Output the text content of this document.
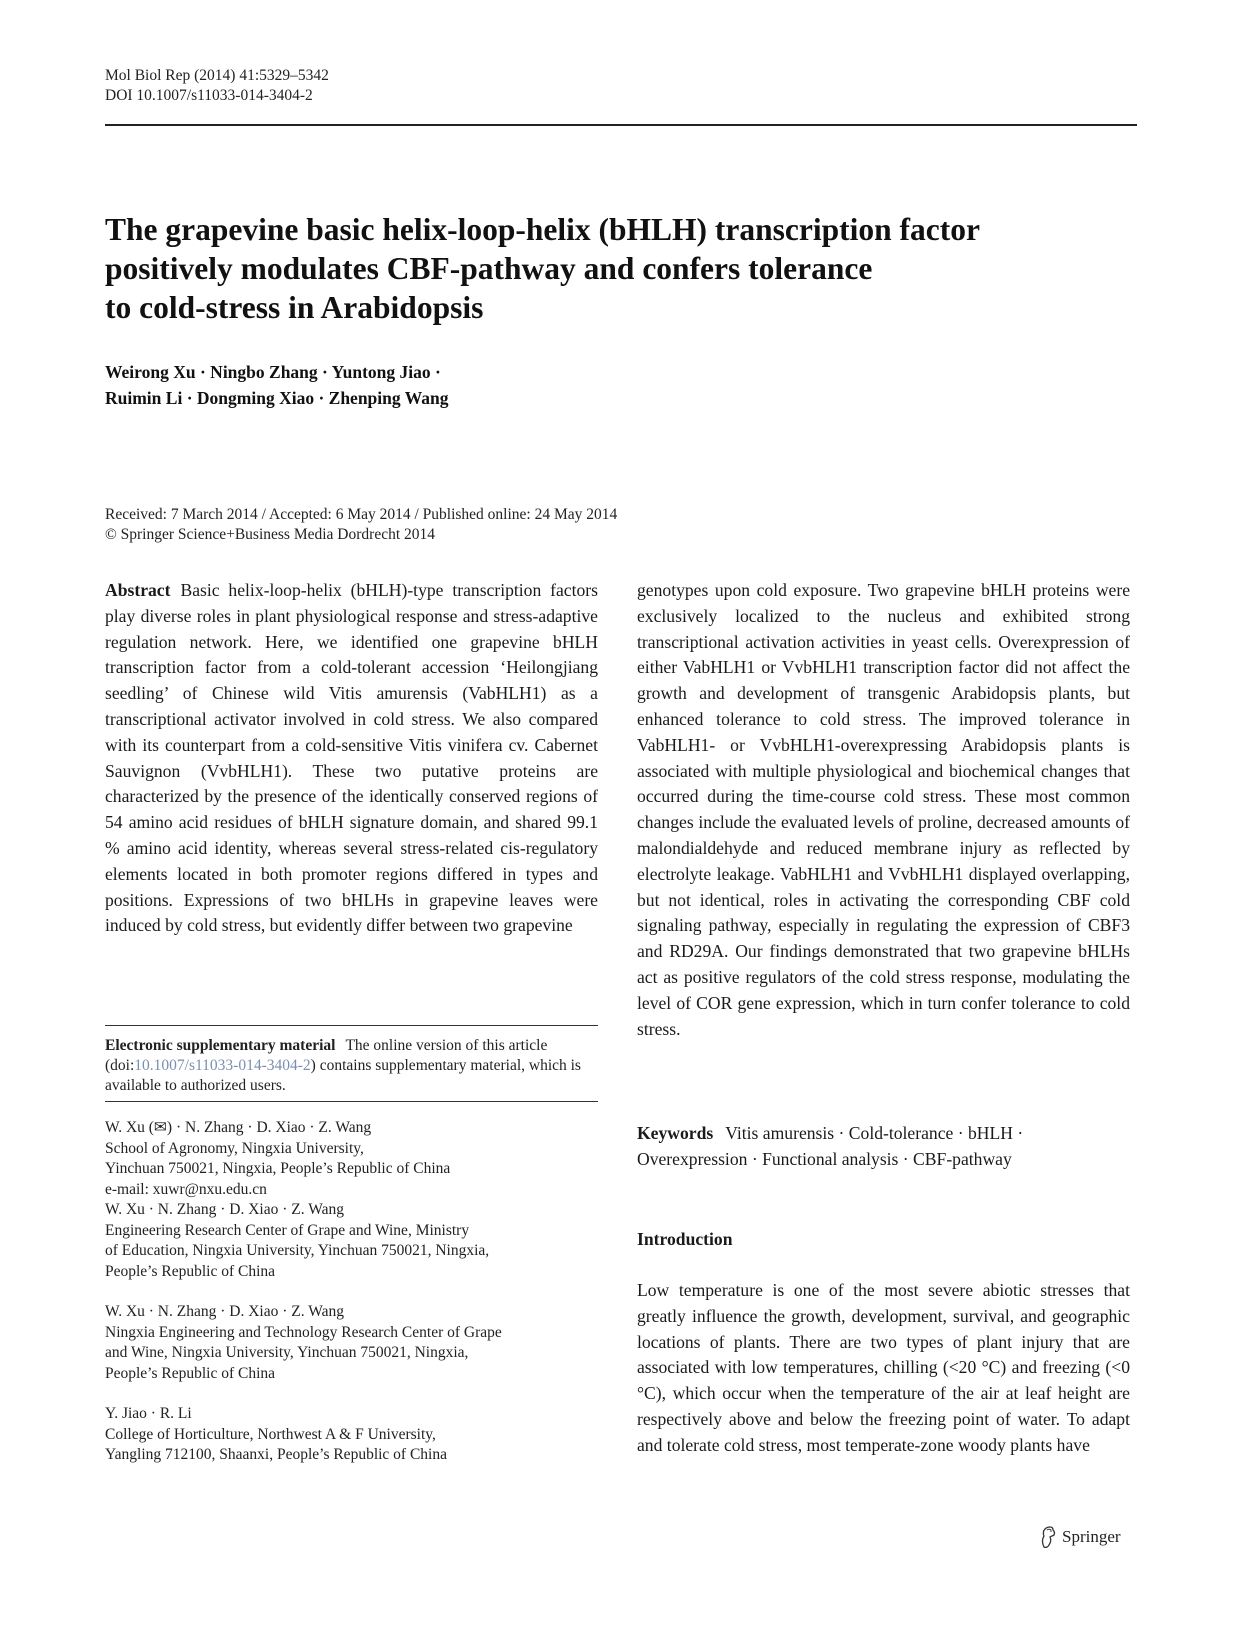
Mol Biol Rep (2014) 41:5329–5342
DOI 10.1007/s11033-014-3404-2
The grapevine basic helix-loop-helix (bHLH) transcription factor
positively modulates CBF-pathway and confers tolerance
to cold-stress in Arabidopsis
Weirong Xu · Ningbo Zhang · Yuntong Jiao ·
Ruimin Li · Dongming Xiao · Zhenping Wang
Received: 7 March 2014 / Accepted: 6 May 2014 / Published online: 24 May 2014
© Springer Science+Business Media Dordrecht 2014
Abstract Basic helix-loop-helix (bHLH)-type transcription factors play diverse roles in plant physiological response and stress-adaptive regulation network. Here, we identified one grapevine bHLH transcription factor from a cold-tolerant accession ‘Heilongjiang seedling’ of Chinese wild Vitis amurensis (VabHLH1) as a transcriptional activator involved in cold stress. We also compared with its counterpart from a cold-sensitive Vitis vinifera cv. Cabernet Sauvignon (VvbHLH1). These two putative proteins are characterized by the presence of the identically conserved regions of 54 amino acid residues of bHLH signature domain, and shared 99.1 % amino acid identity, whereas several stress-related cis-regulatory elements located in both promoter regions differed in types and positions. Expressions of two bHLHs in grapevine leaves were induced by cold stress, but evidently differ between two grapevine
Electronic supplementary material The online version of this article (doi:10.1007/s11033-014-3404-2) contains supplementary material, which is available to authorized users.
W. Xu (✉) · N. Zhang · D. Xiao · Z. Wang
School of Agronomy, Ningxia University,
Yinchuan 750021, Ningxia, People’s Republic of China
e-mail: xuwr@nxu.edu.cn
W. Xu · N. Zhang · D. Xiao · Z. Wang
Engineering Research Center of Grape and Wine, Ministry
of Education, Ningxia University, Yinchuan 750021, Ningxia,
People’s Republic of China
W. Xu · N. Zhang · D. Xiao · Z. Wang
Ningxia Engineering and Technology Research Center of Grape
and Wine, Ningxia University, Yinchuan 750021, Ningxia,
People’s Republic of China
Y. Jiao · R. Li
College of Horticulture, Northwest A & F University,
Yangling 712100, Shaanxi, People’s Republic of China
genotypes upon cold exposure. Two grapevine bHLH proteins were exclusively localized to the nucleus and exhibited strong transcriptional activation activities in yeast cells. Overexpression of either VabHLH1 or VvbHLH1 transcription factor did not affect the growth and development of transgenic Arabidopsis plants, but enhanced tolerance to cold stress. The improved tolerance in VabHLH1- or VvbHLH1-overexpressing Arabidopsis plants is associated with multiple physiological and biochemical changes that occurred during the time-course cold stress. These most common changes include the evaluated levels of proline, decreased amounts of malondialdehyde and reduced membrane injury as reflected by electrolyte leakage. VabHLH1 and VvbHLH1 displayed overlapping, but not identical, roles in activating the corresponding CBF cold signaling pathway, especially in regulating the expression of CBF3 and RD29A. Our findings demonstrated that two grapevine bHLHs act as positive regulators of the cold stress response, modulating the level of COR gene expression, which in turn confer tolerance to cold stress.
Keywords Vitis amurensis · Cold-tolerance · bHLH · Overexpression · Functional analysis · CBF-pathway
Introduction
Low temperature is one of the most severe abiotic stresses that greatly influence the growth, development, survival, and geographic locations of plants. There are two types of plant injury that are associated with low temperatures, chilling (<20 °C) and freezing (<0 °C), which occur when the temperature of the air at leaf height are respectively above and below the freezing point of water. To adapt and tolerate cold stress, most temperate-zone woody plants have
Springer
